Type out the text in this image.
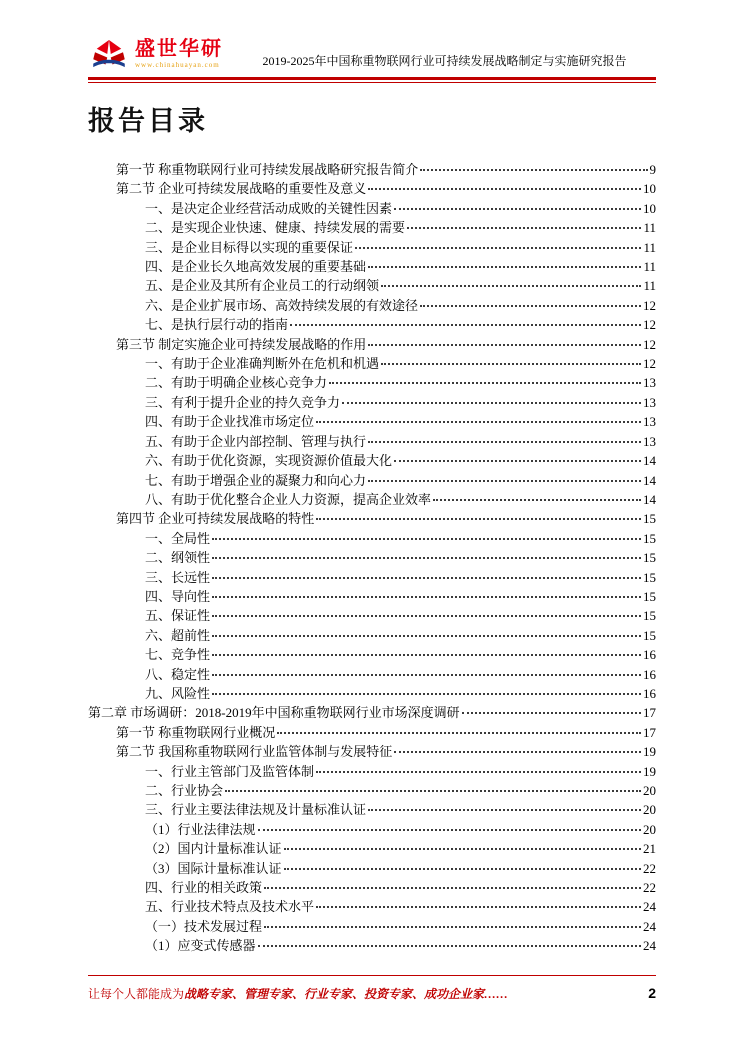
盛世华研
www.chinahuayan.com	2019-2025年中国称重物联网行业可持续发展战略制定与实施研究报告
报告目录
第一节 称重物联网行业可持续发展战略研究报告简介	9
第二节 企业可持续发展战略的重要性及意义	10
一、是决定企业经营活动成败的关键性因素	10
二、是实现企业快速、健康、持续发展的需要	11
三、是企业目标得以实现的重要保证	11
四、是企业长久地高效发展的重要基础	11
五、是企业及其所有企业员工的行动纲领	11
六、是企业扩展市场、高效持续发展的有效途径	12
七、是执行层行动的指南	12
第三节 制定实施企业可持续发展战略的作用	12
一、有助于企业准确判断外在危机和机遇	12
二、有助于明确企业核心竞争力	13
三、有利于提升企业的持久竞争力	13
四、有助于企业找准市场定位	13
五、有助于企业内部控制、管理与执行	13
六、有助于优化资源，实现资源价值最大化	14
七、有助于增强企业的凝聚力和向心力	14
八、有助于优化整合企业人力资源，提高企业效率	14
第四节 企业可持续发展战略的特性	15
一、全局性	15
二、纲领性	15
三、长远性	15
四、导向性	15
五、保证性	15
六、超前性	15
七、竞争性	16
八、稳定性	16
九、风险性	16
第二章 市场调研：2018-2019年中国称重物联网行业市场深度调研	17
第一节 称重物联网行业概况	17
第二节 我国称重物联网行业监管体制与发展特征	19
一、行业主管部门及监管体制	19
二、行业协会	20
三、行业主要法律法规及计量标准认证	20
（1）行业法律法规	20
（2）国内计量标准认证	21
（3）国际计量标准认证	22
四、行业的相关政策	22
五、行业技术特点及技术水平	24
（一）技术发展过程	24
（1）应变式传感器	24
让每个人都能成为战略专家、管理专家、行业专家、投资专家、成功企业家……	2
